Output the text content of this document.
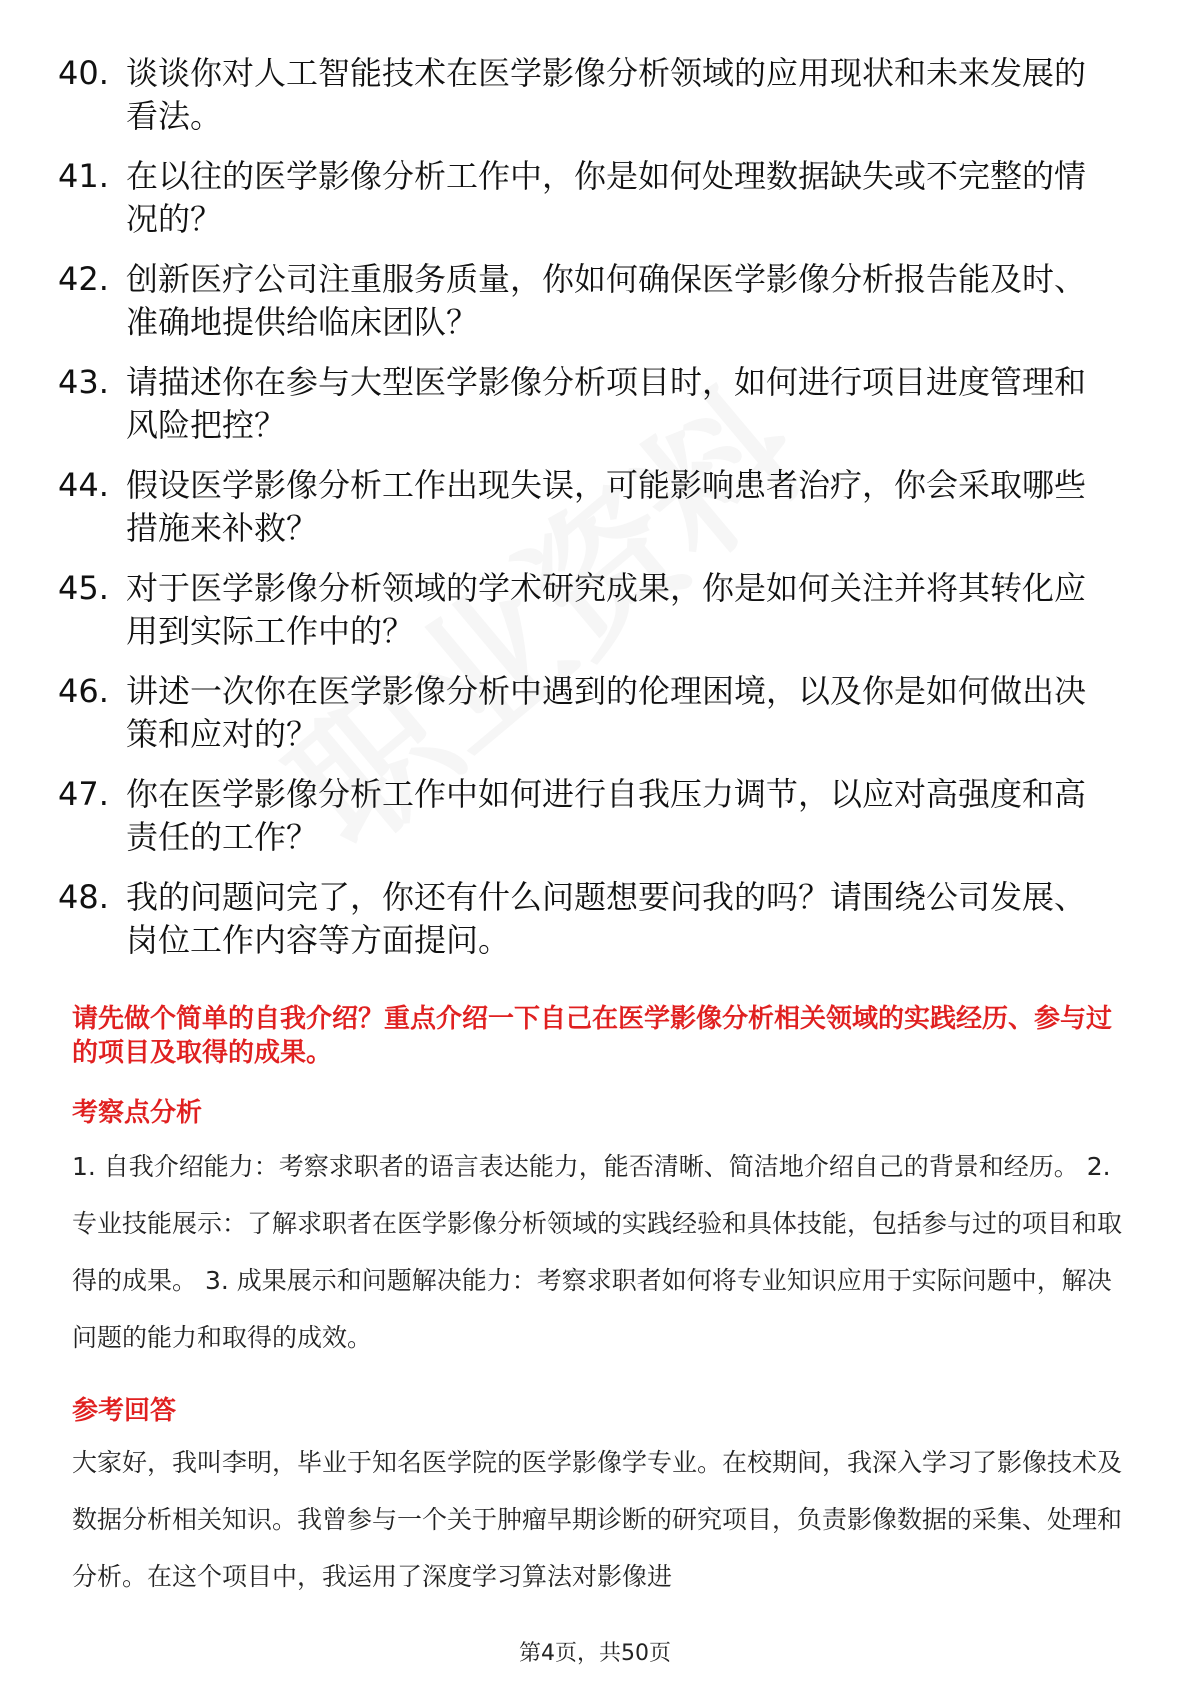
40. 谈谈你对人工智能技术在医学影像分析领域的应用现状和未来发展的看法。
41. 在以往的医学影像分析工作中，你是如何处理数据缺失或不完整的情况的？
42. 创新医疗公司注重服务质量，你如何确保医学影像分析报告能及时、准确地提供给临床团队？
43. 请描述你在参与大型医学影像分析项目时，如何进行项目进度管理和风险把控？
44. 假设医学影像分析工作出现失误，可能影响患者治疗，你会采取哪些措施来补救？
45. 对于医学影像分析领域的学术研究成果，你是如何关注并将其转化应用到实际工作中的？
46. 讲述一次你在医学影像分析中遇到的伦理困境，以及你是如何做出决策和应对的？
47. 你在医学影像分析工作中如何进行自我压力调节，以应对高强度和高责任的工作？
48. 我的问题问完了，你还有什么问题想要问我的吗？请围绕公司发展、岗位工作内容等方面提问。

请先做个简单的自我介绍？重点介绍一下自己在医学影像分析相关领域的实践经历、参与过的项目及取得的成果。

考察点分析

1. 自我介绍能力：考察求职者的语言表达能力，能否清晰、简洁地介绍自己的背景和经历。 2. 专业技能展示：了解求职者在医学影像分析领域的实践经验和具体技能，包括参与过的项目和取得的成果。 3. 成果展示和问题解决能力：考察求职者如何将专业知识应用于实际问题中，解决问题的能力和取得的成效。

参考回答

大家好，我叫李明，毕业于知名医学院的医学影像学专业。在校期间，我深入学习了影像技术及数据分析相关知识。我曾参与一个关于肿瘤早期诊断的研究项目，负责影像数据的采集、处理和分析。在这个项目中，我运用了深度学习算法对影像进

第4页，共50页
